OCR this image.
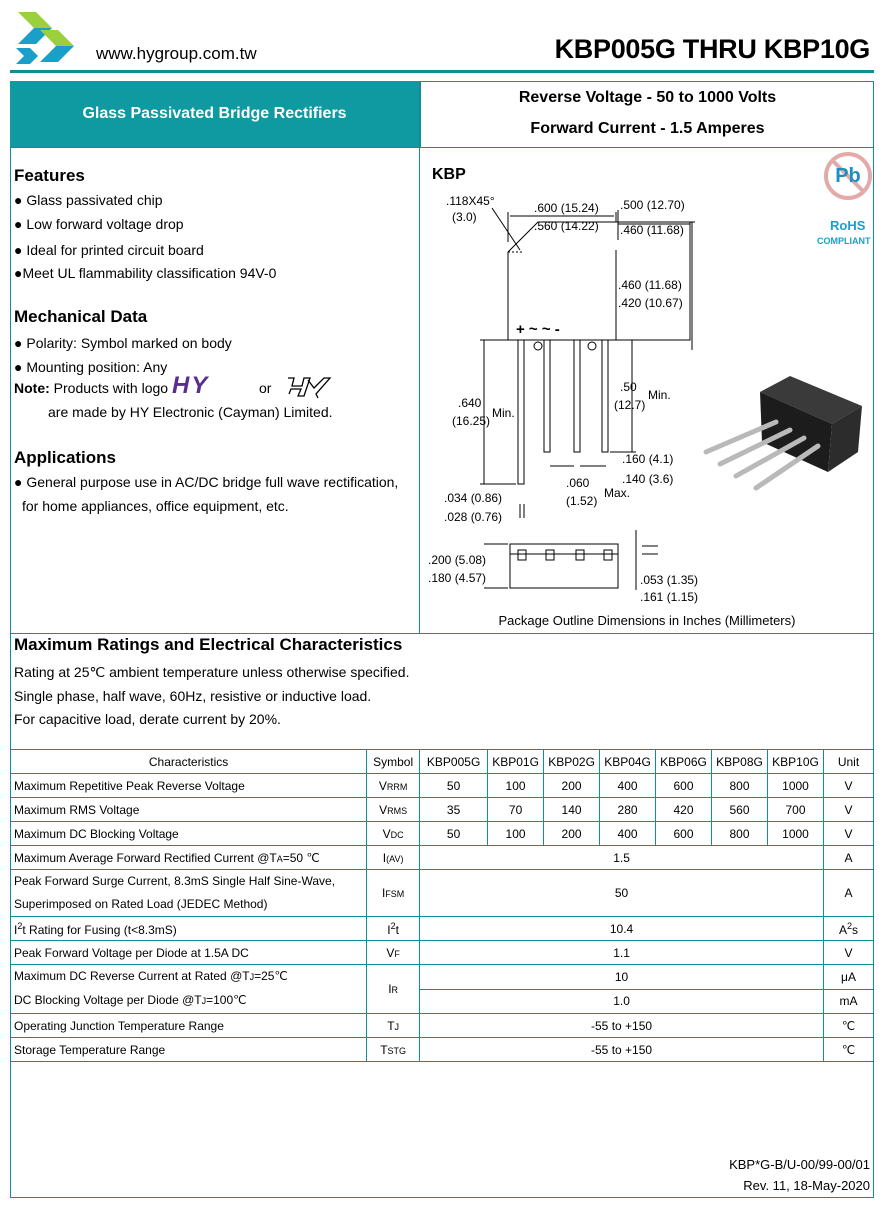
www.hygroup.com.tw	KBP005G THRU KBP10G
Glass Passivated Bridge Rectifiers
Reverse Voltage - 50 to 1000 Volts
Forward Current - 1.5 Amperes
Features
● Glass passivated chip
● Low forward voltage drop
● Ideal for printed circuit board
●Meet UL flammability classification 94V-0
Mechanical Data
● Polarity: Symbol marked on body
● Mounting position: Any
Note: Products with logo HY	or
are made by HY Electronic (Cayman) Limited.
Applications
● General purpose use in AC/DC bridge full wave rectification,
for home appliances, office equipment, etc.
KBP
+ ~ ~ -
.118X45°
(3.0)
.600 (15.24)
.560 (14.22)
.500 (12.70)
.460 (11.68)
.460 (11.68)
.420 (10.67)
.640
(16.25)
Min.
.50
(12.7)
Min.
.160 (4.1)
.140 (3.6)
.060
(1.52)
Max.
.034 (0.86)
.028 (0.76)
.200 (5.08)
.180 (4.57)	.053 (1.35)
.161 (1.15)
Pb
RoHS
COMPLIANT
Package Outline Dimensions in Inches (Millimeters)
Maximum Ratings and Electrical Characteristics
Rating at 25℃ ambient temperature unless otherwise specified.
Single phase, half wave, 60Hz, resistive or inductive load.
For capacitive load, derate current by 20%.
Characteristics	Symbol	KBP005G	KBP01G	KBP02G	KBP04G	KBP06G	KBP08G	KBP10G	Unit
Maximum Repetitive Peak Reverse Voltage	VRRM	50	100	200	400	600	800	1000	V
Maximum RMS Voltage	VRMS	35	70	140	280	420	560	700	V
Maximum DC Blocking Voltage	VDC	50	100	200	400	600	800	1000	V
Maximum Average Forward Rectified Current @TA=50 ℃	I(AV)	1.5							A
Peak Forward Surge Current, 8.3mS Single Half Sine-Wave,
Superimposed on Rated Load (JEDEC Method)	IFSM	50							A
$I^2t$ Rating for Fusing (t<8.3mS)	$I^2t$	10.4							$A^2s$
Peak Forward Voltage per Diode at 1.5A DC	VF	1.1							V
Maximum DC Reverse Current at Rated @TJ=25℃
DC Blocking Voltage per Diode @TJ=100℃	IR	10							μA
		1.0							mA
Operating Junction Temperature Range	TJ	-55 to +150							℃
Storage Temperature Range	TSTG	-55 to +150							℃
KBP*G-B/U-00/99-00/01
Rev. 11, 18-May-2020
